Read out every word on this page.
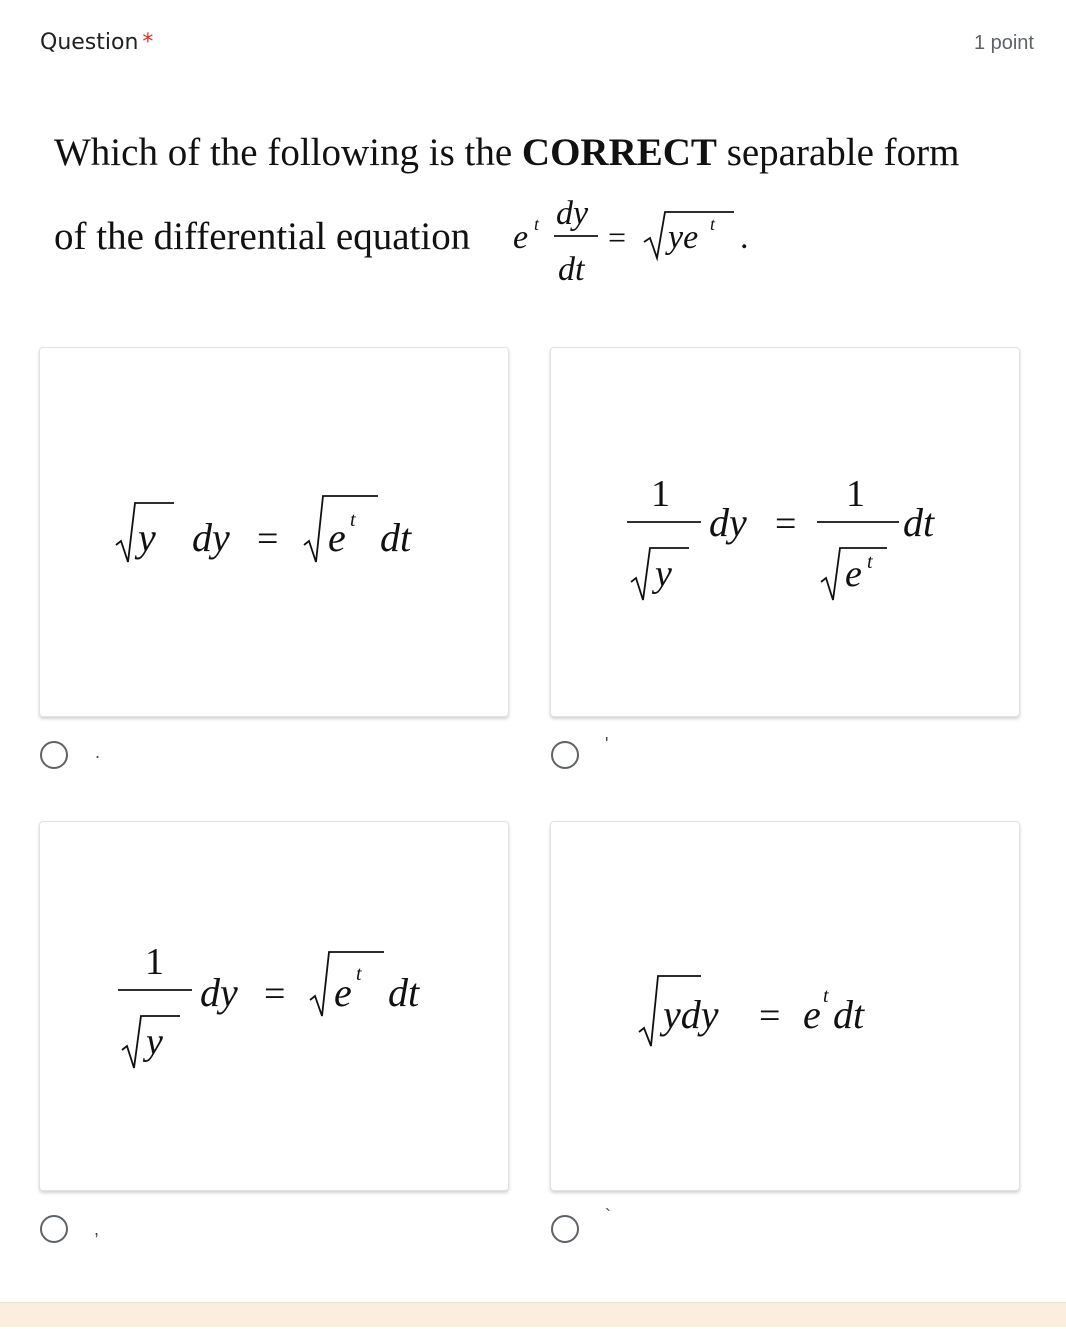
Question *	1 point
Which of the following is the CORRECT separable form
of the differential equation e t dy
dt
= ye t .
y dy = e t dt
1
y
dy =
1
e t
dt
1
y
dy = e t dt	ydy = e t dt
.	'
,
`
